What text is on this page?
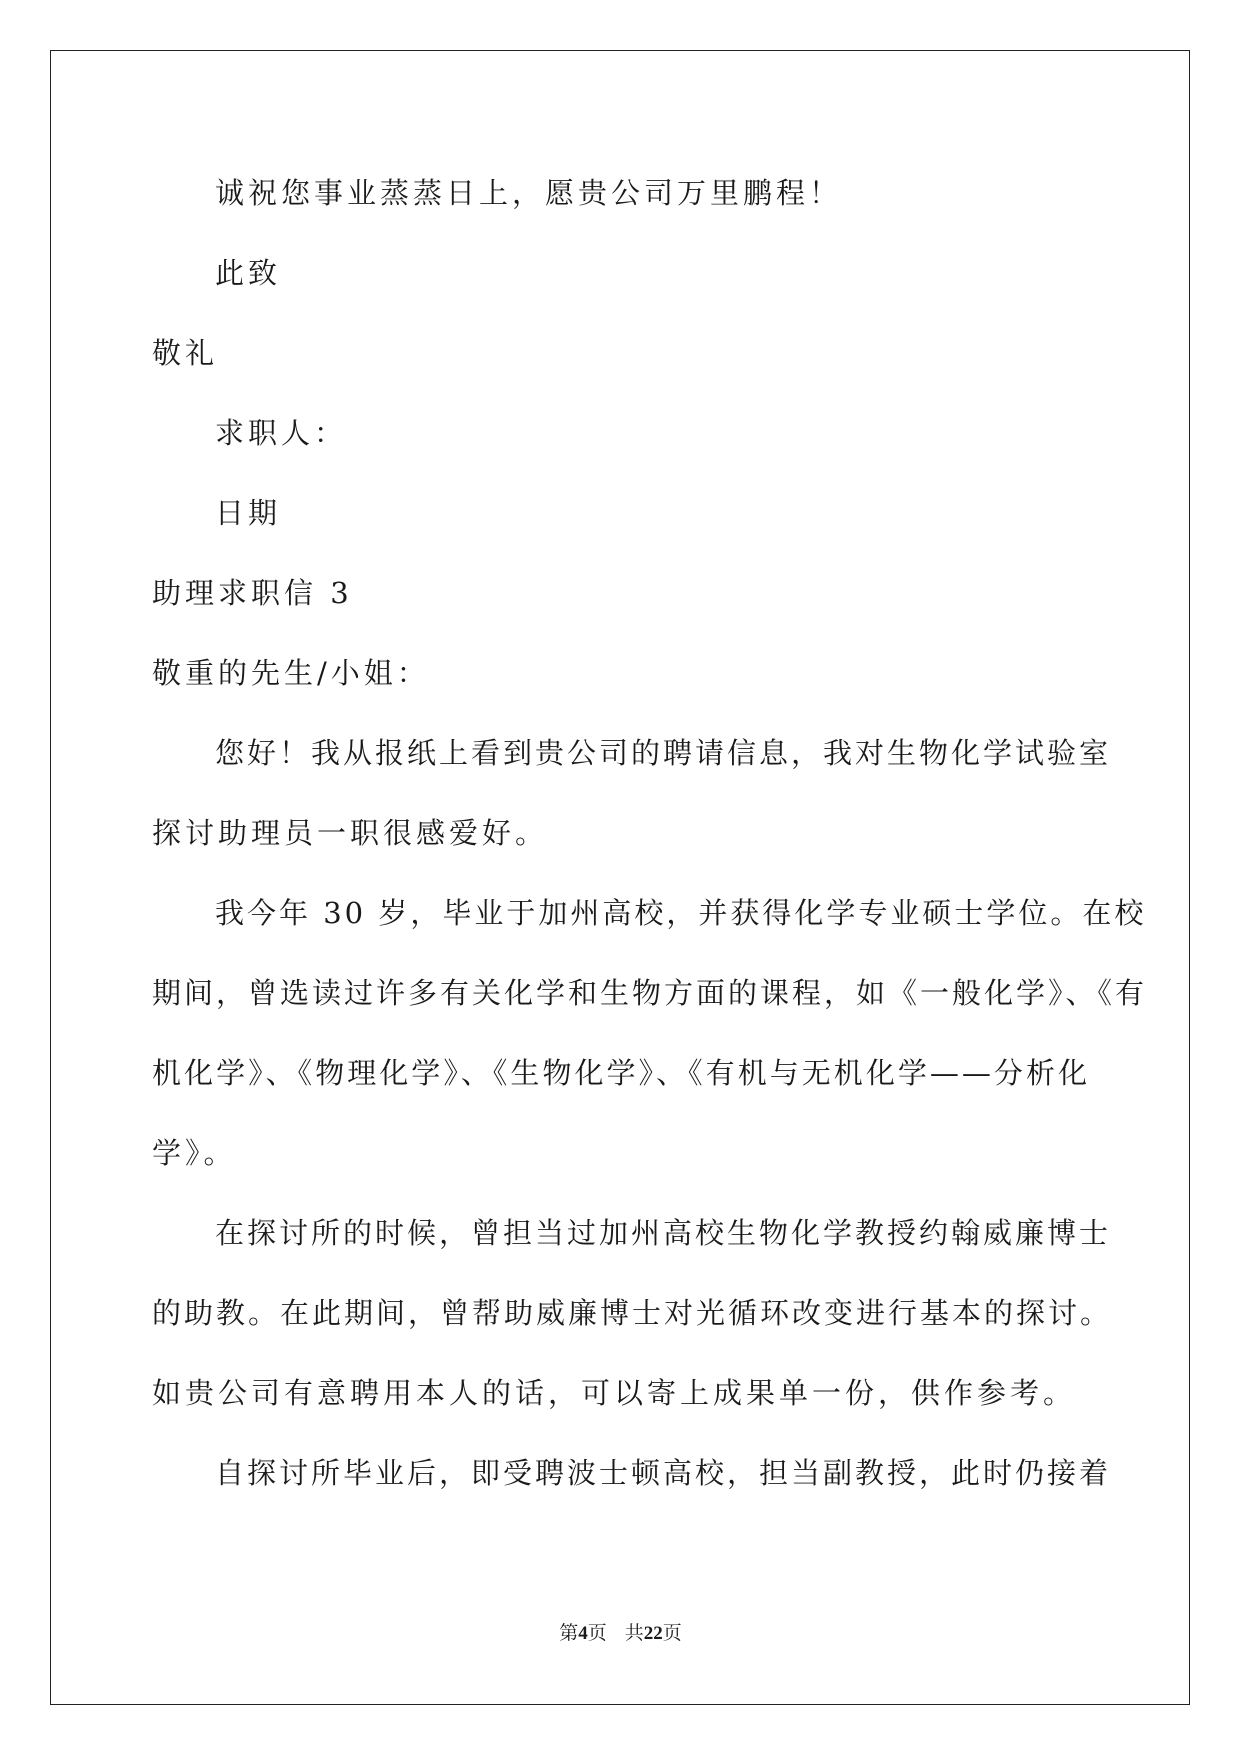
诚祝您事业蒸蒸日上，愿贵公司万里鹏程！
此致
敬礼
求职人：
日期
助理求职信 3
敬重的先生/小姐：
您好！我从报纸上看到贵公司的聘请信息，我对生物化学试验室
探讨助理员一职很感爱好。
我今年 30 岁，毕业于加州高校，并获得化学专业硕士学位。在校
期间，曾选读过许多有关化学和生物方面的课程，如《一般化学》、《有
机化学》、《物理化学》、《生物化学》、《有机与无机化学——分析化
学》。
在探讨所的时候，曾担当过加州高校生物化学教授约翰威廉博士
的助教。在此期间，曾帮助威廉博士对光循环改变进行基本的探讨。
如贵公司有意聘用本人的话，可以寄上成果单一份，供作参考。
自探讨所毕业后，即受聘波士顿高校，担当副教授，此时仍接着
第4页 共22页
